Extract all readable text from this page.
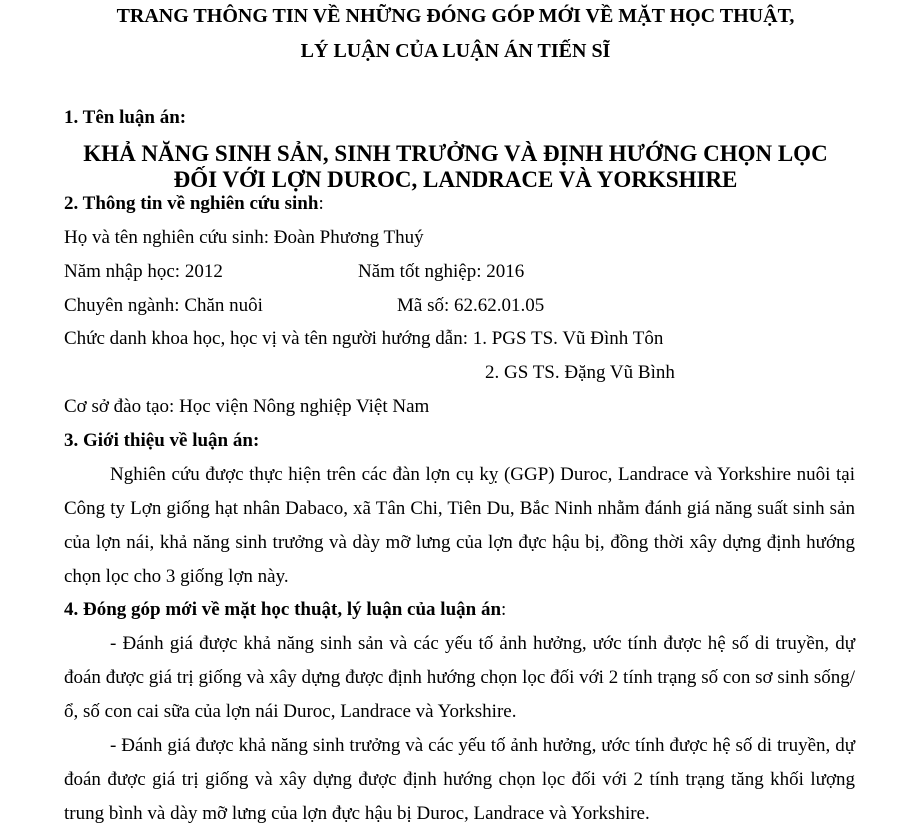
TRANG THÔNG TIN VỀ NHỮNG ĐÓNG GÓP MỚI VỀ MẶT HỌC THUẬT,
LÝ LUẬN CỦA LUẬN ÁN TIẾN SĨ
1. Tên luận án:
KHẢ NĂNG SINH SẢN, SINH TRƯỞNG VÀ ĐỊNH HƯỚNG CHỌN LỌC
ĐỐI VỚI LỢN DUROC, LANDRACE VÀ YORKSHIRE
2. Thông tin về nghiên cứu sinh:
Họ và tên nghiên cứu sinh: Đoàn Phương Thuý
Năm nhập học: 2012	Năm tốt nghiệp: 2016
Chuyên ngành: Chăn nuôi	Mã số: 62.62.01.05
Chức danh khoa học, học vị và tên người hướng dẫn: 1. PGS TS. Vũ Đình Tôn
2. GS TS. Đặng Vũ Bình
Cơ sở đào tạo: Học viện Nông nghiệp Việt Nam
3. Giới thiệu về luận án:
Nghiên cứu được thực hiện trên các đàn lợn cụ kỵ (GGP) Duroc, Landrace và Yorkshire nuôi tại Công ty Lợn giống hạt nhân Dabaco, xã Tân Chi, Tiên Du, Bắc Ninh nhằm đánh giá năng suất sinh sản của lợn nái, khả năng sinh trưởng và dày mỡ lưng của lợn đực hậu bị, đồng thời xây dựng định hướng chọn lọc cho 3 giống lợn này.
4. Đóng góp mới về mặt học thuật, lý luận của luận án:
- Đánh giá được khả năng sinh sản và các yếu tố ảnh hưởng, ước tính được hệ số di truyền, dự đoán được giá trị giống và xây dựng được định hướng chọn lọc đối với 2 tính trạng số con sơ sinh sống/ổ, số con cai sữa của lợn nái Duroc, Landrace và Yorkshire.
- Đánh giá được khả năng sinh trưởng và các yếu tố ảnh hưởng, ước tính được hệ số di truyền, dự đoán được giá trị giống và xây dựng được định hướng chọn lọc đối với 2 tính trạng tăng khối lượng trung bình và dày mỡ lưng của lợn đực hậu bị Duroc, Landrace và Yorkshire.
